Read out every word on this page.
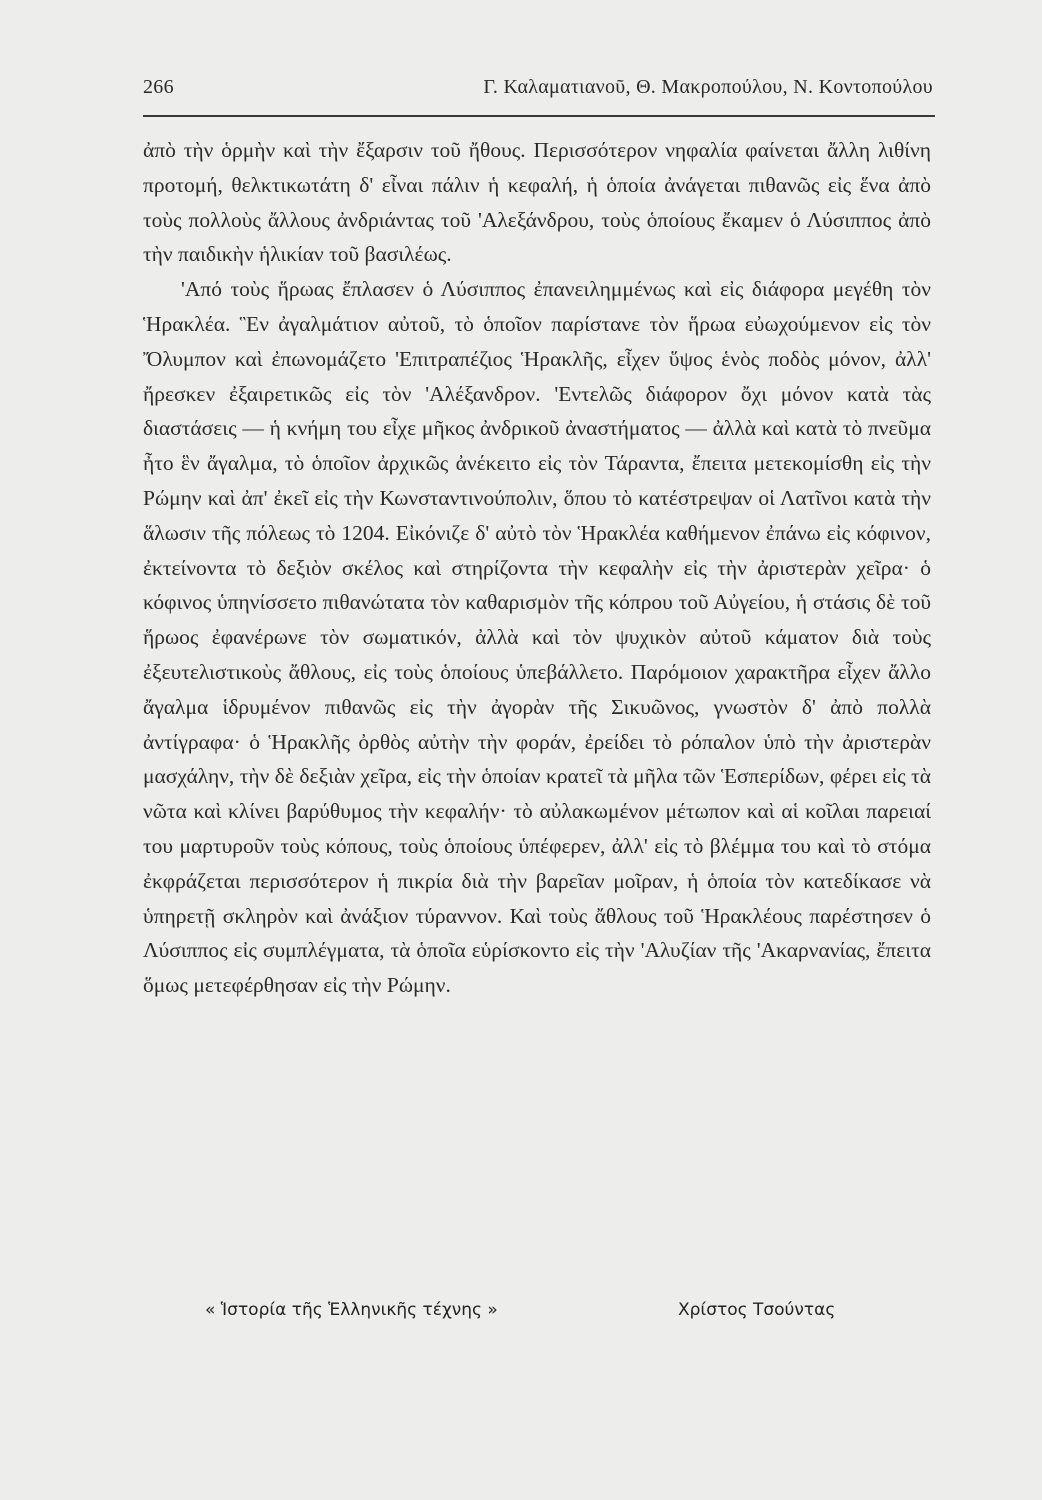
266	Γ. Καλαματιανοῦ, Θ. Μακροπούλου, Ν. Κοντοπούλου

ἀπὸ τὴν ὁρμὴν καὶ τὴν ἔξαρσιν τοῦ ἤθους. Περισσότερον νηφαλία φαίνεται ἄλλη λιθίνη προτομή, θελκτικωτάτη δ' εἶναι πάλιν ἡ κεφαλή, ἡ ὁποία ἀνάγεται πιθανῶς εἰς ἕνα ἀπὸ τοὺς πολλοὺς ἄλλους ἀνδριάντας τοῦ 'Αλεξάνδρου, τοὺς ὁποίους ἔκαμεν ὁ Λύσιππος ἀπὸ τὴν παιδικὴν ἡλικίαν τοῦ βασιλέως.

'Από τοὺς ἥρωας ἔπλασεν ὁ Λύσιππος ἐπανειλημμένως καὶ εἰς διάφορα μεγέθη τὸν Ἡρακλέα. Ἓν ἀγαλμάτιον αὐτοῦ, τὸ ὁποῖον παρίστανε τὸν ἥρωα εὐωχούμενον εἰς τὸν Ὄλυμπον καὶ ἐπωνομάζετο 'Επιτραπέζιος Ἡρακλῆς, εἶχεν ὕψος ἑνὸς ποδὸς μόνον, ἀλλ' ἤρεσκεν ἐξαιρετικῶς εἰς τὸν 'Αλέξανδρον. 'Εντελῶς διάφορον ὄχι μόνον κατὰ τὰς διαστάσεις — ἡ κνήμη του εἶχε μῆκος ἀνδρικοῦ ἀναστήματος — ἀλλὰ καὶ κατὰ τὸ πνεῦμα ἦτο ἓν ἄγαλμα, τὸ ὁποῖον ἀρχικῶς ἀνέκειτο εἰς τὸν Τάραντα, ἔπειτα μετεκομίσθη εἰς τὴν Ρώμην καὶ ἀπ' ἐκεῖ εἰς τὴν Κωνσταντινούπολιν, ὅπου τὸ κατέστρεψαν οἱ Λατῖνοι κατὰ τὴν ἅλωσιν τῆς πόλεως τὸ 1204. Εἰκόνιζε δ' αὐτὸ τὸν Ἡρακλέα καθήμενον ἐπάνω εἰς κόφινον, ἐκτείνοντα τὸ δεξιὸν σκέλος καὶ στηρίζοντα τὴν κεφαλὴν εἰς τὴν ἀριστερὰν χεῖρα· ὁ κόφινος ὑπηνίσσετο πιθανώτατα τὸν καθαρισμὸν τῆς κόπρου τοῦ Αὐγείου, ἡ στάσις δὲ τοῦ ἥρωος ἐφανέρωνε τὸν σωματικόν, ἀλλὰ καὶ τὸν ψυχικὸν αὐτοῦ κάματον διὰ τοὺς ἐξευτελιστικοὺς ἄθλους, εἰς τοὺς ὁποίους ὑπεβάλλετο. Παρόμοιον χαρακτῆρα εἶχεν ἄλλο ἄγαλμα ἱδρυμένον πιθανῶς εἰς τὴν ἀγορὰν τῆς Σικυῶνος, γνωστὸν δ' ἀπὸ πολλὰ ἀντίγραφα· ὁ Ἡρακλῆς ὀρθὸς αὐτὴν τὴν φοράν, ἐρείδει τὸ ρόπαλον ὑπὸ τὴν ἀριστερὰν μασχάλην, τὴν δὲ δεξιὰν χεῖρα, εἰς τὴν ὁποίαν κρατεῖ τὰ μῆλα τῶν Ἑσπερίδων, φέρει εἰς τὰ νῶτα καὶ κλίνει βαρύθυμος τὴν κεφαλήν· τὸ αὐλακωμένον μέτωπον καὶ αἱ κοῖλαι παρειαί του μαρτυροῦν τοὺς κόπους, τοὺς ὁποίους ὑπέφερεν, ἀλλ' εἰς τὸ βλέμμα του καὶ τὸ στόμα ἐκφράζεται περισσότερον ἡ πικρία διὰ τὴν βαρεῖαν μοῖραν, ἡ ὁποία τὸν κατεδίκασε νὰ ὑπηρετῇ σκληρὸν καὶ ἀνάξιον τύραννον. Καὶ τοὺς ἄθλους τοῦ Ἡρακλέους παρέστησεν ὁ Λύσιππος εἰς συμπλέγματα, τὰ ὁποῖα εὑρίσκοντο εἰς τὴν 'Αλυζίαν τῆς 'Ακαρνανίας, ἔπειτα ὅμως μετεφέρθησαν εἰς τὴν Ρώμην.

« Ἱστορία τῆς Ἑλληνικῆς τέχνης »	Χρίστος Τσούντας
